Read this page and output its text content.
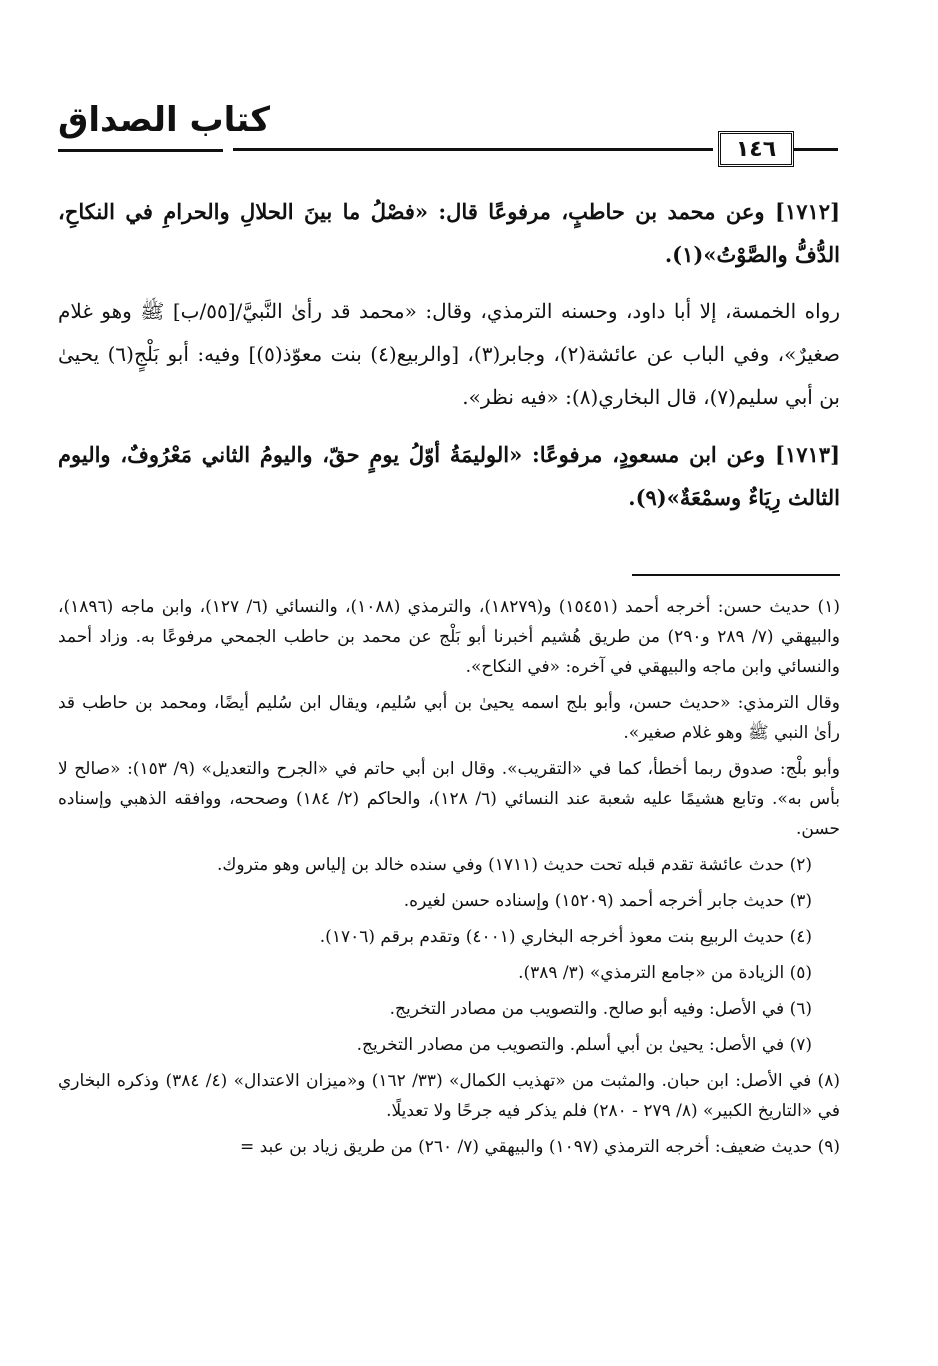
كتاب الصداق
١٤٦

[١٧١٢] وعن محمد بن حاطبٍ، مرفوعًا قال: «فصْلُ ما بينَ الحلالِ والحرامِ في النكاحِ، الدُّفُّ والصَّوْتُ»(١).

رواه الخمسة، إلا أبا داود، وحسنه الترمذي، وقال: «محمد قد رأىٰ النَّبيَّ/[٥٥/ب] ﷺ وهو غلام صغيرٌ»، وفي الباب عن عائشة(٢)، وجابر(٣)، [والربيع(٤) بنت معوّذ(٥)] وفيه: أبو بَلْجٍ(٦) يحيىٰ بن أبي سليم(٧)، قال البخاري(٨): «فيه نظر».

[١٧١٣] وعن ابن مسعودٍ، مرفوعًا: «الوليمَةُ أوّلُ يومٍ حقّ، واليومُ الثاني مَعْرُوفٌ، واليوم الثالث رِيَاءٌ وسمْعَةٌ»(٩).

(١) حديث حسن: أخرجه أحمد (١٥٤٥١) و(١٨٢٧٩)، والترمذي (١٠٨٨)، والنسائي (٦/ ١٢٧)، وابن ماجه (١٨٩٦)، والبيهقي (٧/ ٢٨٩ و٢٩٠) من طريق هُشيم أخبرنا أبو بَلْج عن محمد بن حاطب الجمحي مرفوعًا به. وزاد أحمد والنسائي وابن ماجه والبيهقي في آخره: «في النكاح».

وقال الترمذي: «حديث حسن، وأبو بلج اسمه يحيىٰ بن أبي سُليم، ويقال ابن سُليم أيضًا، ومحمد بن حاطب قد رأىٰ النبي ﷺ وهو غلام صغير».

وأبو بلْج: صدوق ربما أخطأ، كما في «التقريب». وقال ابن أبي حاتم في «الجرح والتعديل» (٩/ ١٥٣): «صالح لا بأس به». وتابع هشيمًا عليه شعبة عند النسائي (٦/ ١٢٨)، والحاكم (٢/ ١٨٤) وصححه، ووافقه الذهبي وإسناده حسن.

(٢) حدث عائشة تقدم قبله تحت حديث (١٧١١) وفي سنده خالد بن إلياس وهو متروك.

(٣) حديث جابر أخرجه أحمد (١٥٢٠٩) وإسناده حسن لغيره.

(٤) حديث الربيع بنت معوذ أخرجه البخاري (٤٠٠١) وتقدم برقم (١٧٠٦).

(٥) الزيادة من «جامع الترمذي» (٣/ ٣٨٩).

(٦) في الأصل: وفيه أبو صالح. والتصويب من مصادر التخريج.

(٧) في الأصل: يحيىٰ بن أبي أسلم. والتصويب من مصادر التخريج.

(٨) في الأصل: ابن حبان. والمثبت من «تهذيب الكمال» (٣٣/ ١٦٢) و«ميزان الاعتدال» (٤/ ٣٨٤) وذكره البخاري في «التاريخ الكبير» (٨/ ٢٧٩ - ٢٨٠) فلم يذكر فيه جرحًا ولا تعديلًا.

(٩) حديث ضعيف: أخرجه الترمذي (١٠٩٧) والبيهقي (٧/ ٢٦٠) من طريق زياد بن عبد =
